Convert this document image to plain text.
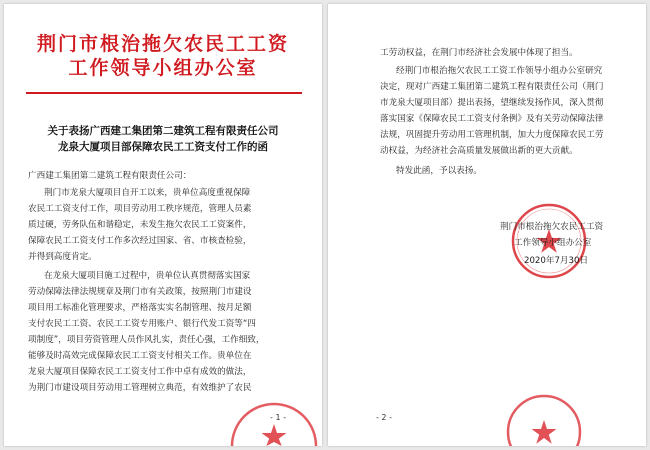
荆门市根治拖欠农民工工资
工作领导小组办公室
关于表扬广西建工集团第二建筑工程有限责任公司
龙泉大厦项目部保障农民工工资支付工作的函
广西建工集团第二建筑工程有限责任公司：
荆门市龙泉大厦项目自开工以来，贵单位高度重视保障
农民工工资支付工作，项目劳动用工秩序规范，管理人员素
质过硬，劳务队伍和谐稳定，未发生拖欠农民工工资案件，
保障农民工工资支付工作多次经过国家、省、市核查检验，
并得到高度肯定。
在龙泉大厦项目施工过程中，贵单位认真贯彻落实国家
劳动保障法律法规规章及荆门市有关政策，按照荆门市建设
项目用工标准化管理要求，严格落实实名制管理、按月足额
支付农民工工资、农民工工资专用账户、银行代发工资等“四
项制度”，项目劳资管理人员作风扎实，责任心强，工作细致，
能够及时高效完成保障农民工工资支付相关工作。贵单位在
龙泉大厦项目保障农民工工资支付工作中卓有成效的做法，
为荆门市建设项目劳动用工管理树立典范，有效维护了农民
- 1 -
工劳动权益，在荆门市经济社会发展中体现了担当。
经荆门市根治拖欠农民工工资工作领导小组办公室研究
决定，现对广西建工集团第二建筑工程有限责任公司（荆门
市龙泉大厦项目部）提出表扬，望继续发扬作风，深入贯彻
落实国家《保障农民工工资支付条例》及有关劳动保障法律
法规，巩固提升劳动用工管理机制，加大力度保障农民工劳
动权益，为经济社会高质量发展做出新的更大贡献。
特发此函，予以表扬。
荆门市根治拖欠农民工工资
工作领导小组办公室
2020年7月30日
- 2 -
